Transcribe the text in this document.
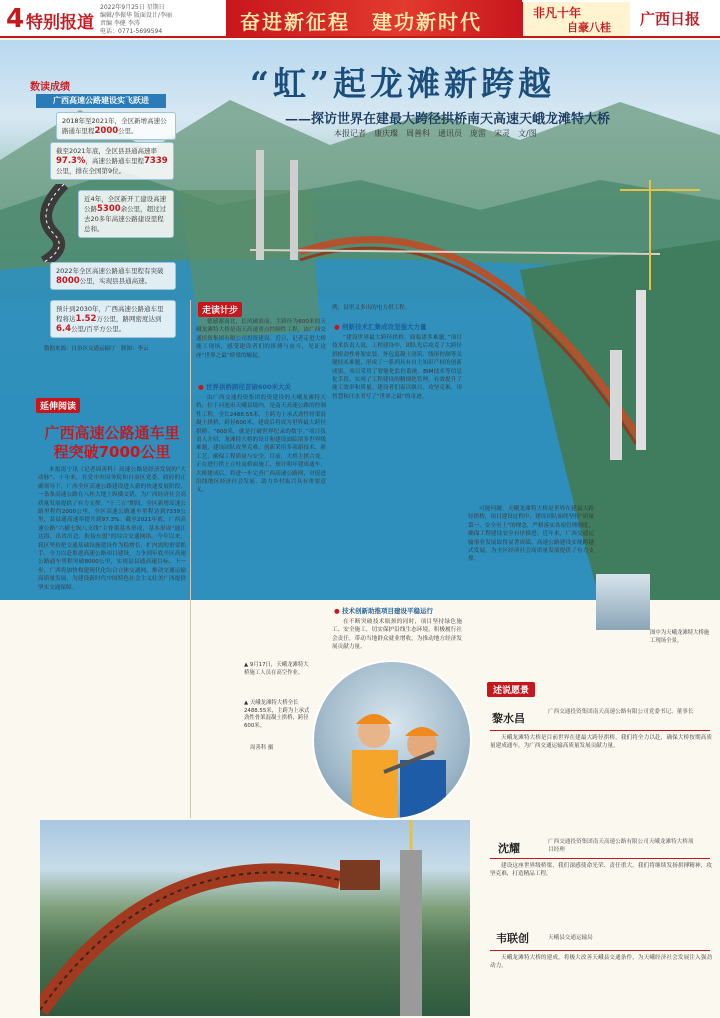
4 特别报道
2022年9月25日 星期日
编辑/李振华 版面设计/李丽
责编 李健 李涛
电话：0771-5699594	奋进新征程　建功新时代	非凡十年
自豪八桂 广西日报
“虹”起龙滩新跨越
——探访世界在建最大跨径拱桥南天高速天峨龙滩特大桥
本报记者　康庆璨　周善科　通讯员　庞雷　宋灵　文/图
数读成绩
广西高速公路建设实飞跃进
2018年至2021年，全区新增高速公路通车里程2000公里。
截至2021年底，全区县县通高速率97.3%，高速公路通车里程7339公里，排在全国第9位。
近4年，全区新开工建设高速公路5300余公里，超过过去20多年高速公路建设里程总和。
2022年全区高速公路通车里程有突破8000公里，实现县县通高速。
预计到2030年，广西高速公路通车里程将达1.52万公里，路网密度达到6.4公里/百平方公里。
数据来源：自治区交通运输厅　制图：李云
延伸阅读
广西高速公路通车里程突破7000公里
本报南宁讯（记者周善科）高速公路是经济发展的“大动脉”。十年来，在党中央国务院和自治区党委、政府的正确领导下，广西全区高速公路建设进入新的快速发展阶段，一条条高速公路在八桂大地上纵横交错，为广西经济社会高质量发展提供了有力支撑。“十三五”期间，全区新增高速公路里程约2000公里，全区高速公路通车里程达到7339公里，县县通高速率提升到97.3%。截至2021年底，广西高速公路“六横七纵八支线”主骨架基本形成，基本形成“通江达海、出省出边、衔接东盟”的综合交通网络。今年以来，我区坚持把交通基础设施建设作为稳增长、扩内需的重要抓手，全力以赴推进高速公路项目建设，力争到年底全区高速公路通车里程突破8000公里，实现县县通高速目标。下一步，广西将加快构建现代化综合立体交通网，推动交通运输高质量发展，为建设新时代中国特色社会主义壮美广西提供坚实交通保障。
走读计步
德感谢南北，长风破浪而。主跨径为600米的天峨龙滩特大桥是南天高速重点控制性工程，由广西交通投资集团有限公司投资建设。近日，记者走进大桥施工现场，感受建设者们的拼搏与奋斗，见证这座“世界之最”桥梁的崛起。
● 世界拱桥跨径首破600米大关
由广西交通投资集团投资建设的天峨龙滩特大桥，位于河池市天峨县境内，是南天高速公路的控制性工程，全长2488.55米，主跨为上承式劲性骨架混凝土拱桥，跨径600米，建成后将成为世界最大跨径拱桥。“600米，就是打破世界纪录的数字。”项目负责人介绍，龙滩特大桥的设计和建设面临诸多世界级难题，建设团队攻坚克难，创新采用多项新技术、新工艺，确保工程质量与安全。目前，大桥主拱合龙，正在进行拱上立柱及桥面施工，预计明年建成通车。大桥建成后，将进一步完善广西高速公路网，对促进沿线地区经济社会发展、助力乡村振兴具有重要意义。
▲ 9月17日，天峨龙滩特大桥施工人员在高空作业。
▲ 天峨龙滩特大桥全长2488.55米，主跨为上承式劲性骨架混凝土拱桥，跨径600米。
周善科 摄
例，县里又多出的电力拱工程。
● 创新技术汇集成攻坚强大力量
“建设世界最大跨径拱桥，面临诸多难题。”项目技术负责人说，工程建设中，团队先后攻克了大跨径拱桥劲性骨架安装、外包混凝土浇筑、线形控制等关键技术难题，形成了一系列具有自主知识产权的创新成果。项目采用了智能化监控系统、BIM技术等信息化手段，实现了工程建设的精细化管理，有效提升了施工效率和质量。建设者们夜以继日、攻坚克难，用智慧和汗水书写了“世界之最”的奇迹。
● 技术创新助推项目建设平稳运行
在不断突破技术瓶颈的同时，项目坚持绿色施工、安全施工，切实保护沿线生态环境，积极履行社会责任，带动当地群众就业增收，为推动地方经济发展贡献力量。
可能问题。天峨龙滩特大桥是世界在建最大跨径拱桥，项目建设过程中，建设团队始终坚持“质量第一、安全至上”的理念，严格落实各项管理制度，确保工程建设安全有序推进。近年来，广西交通运输事业发展取得显著成绩，高速公路建设实现跨越式发展，为全区经济社会高质量发展提供了有力支撑。
图中为天峨龙滩特大桥施工现场全景。
述说愿景
黎水昌	广西交通投资集团南天高速公路有限公司党委书记、董事长
天峨龙滩特大桥是目前世界在建最大跨径拱桥，我们将全力以赴，确保大桥按期高质量建成通车，为广西交通运输高质量发展贡献力量。
沈耀	广西交通投资集团南天高速公路有限公司天峨龙滩特大桥项目经理
建设这座世界级桥梁，我们深感使命光荣、责任重大。我们将继续发扬拼搏精神，攻坚克难，打造精品工程。
韦联创	天峨县交通运输局
天峨龙滩特大桥的建成，将极大改善天峨县交通条件，为天峨经济社会发展注入强劲动力。
